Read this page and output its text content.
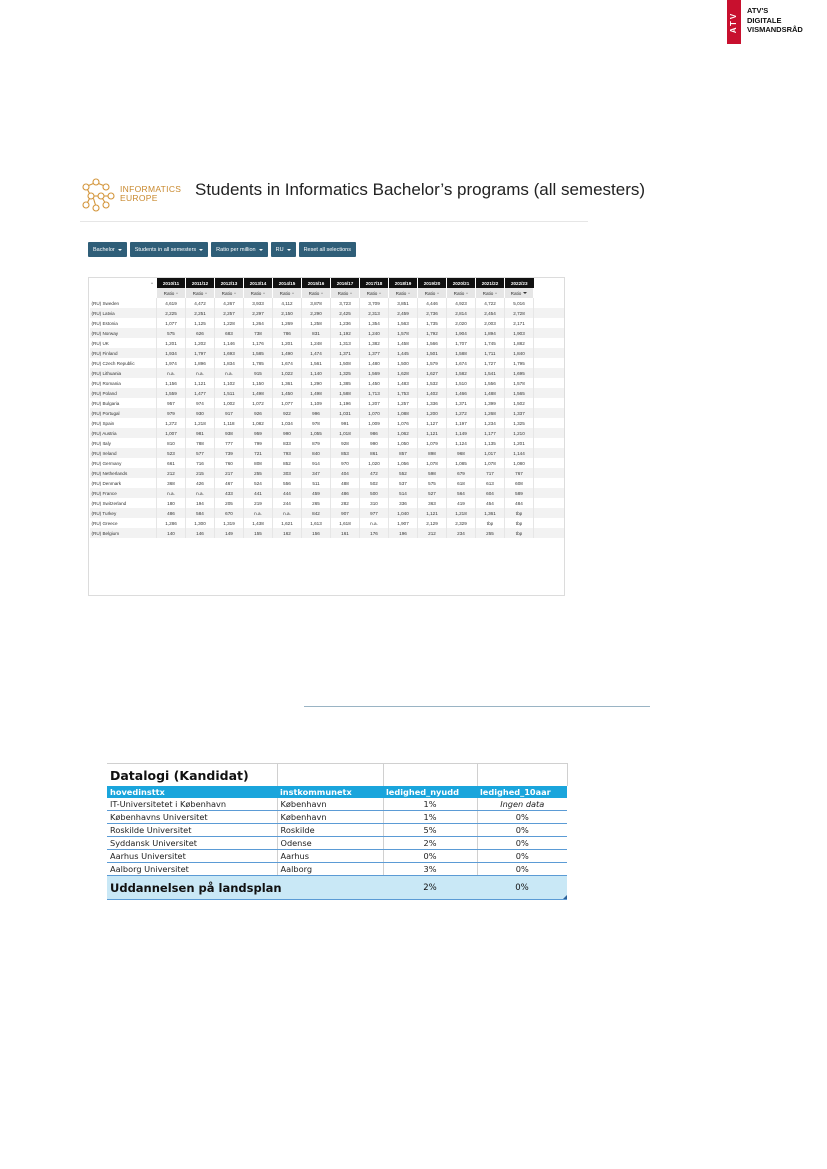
ATV
ATV'S
DIGITALE
VISMANDSRÅD
INFORMATICS
EUROPE	Students in Informatics Bachelor’s programs (all semesters)
Bachelor	Students in all semesters	Ratio per million	RU	Reset all selections
	2010/11	2011/12	2012/13	2013/14	2014/15	2015/16	2016/17	2017/18	2018/19	2019/20	2020/21	2021/22	2022/23	
	Ratio	Ratio	Ratio	Ratio	Ratio	Ratio	Ratio	Ratio	Ratio	Ratio	Ratio	Ratio	Ratio	
(RU) Sweden	4,619	4,472	4,267	3,933	4,112	3,878	3,723	3,709	3,851	4,446	4,923	4,722	5,016	
(RU) Latvia	2,225	2,251	2,257	2,297	2,150	2,290	2,425	2,313	2,459	2,736	2,814	2,454	2,728	
(RU) Estonia	1,077	1,125	1,228	1,264	1,269	1,258	1,236	1,354	1,563	1,735	2,020	2,003	2,171	
(RU) Norway	575	626	683	738	786	831	1,192	1,240	1,578	1,792	1,904	1,894	1,903	
(RU) UK	1,201	1,202	1,146	1,176	1,201	1,248	1,313	1,382	1,458	1,566	1,707	1,745	1,882	
(RU) Finland	1,934	1,797	1,693	1,585	1,490	1,474	1,371	1,377	1,445	1,501	1,588	1,711	1,840	
(RU) Czech Republic	1,974	1,896	1,834	1,785	1,674	1,561	1,508	1,480	1,500	1,579	1,674	1,727	1,795	
(RU) Lithuania	n.a.	n.a.	n.a.	915	1,022	1,140	1,325	1,569	1,628	1,627	1,582	1,541	1,695	
(RU) Romania	1,156	1,121	1,102	1,150	1,361	1,290	1,385	1,450	1,483	1,532	1,510	1,556	1,578	
(RU) Poland	1,559	1,477	1,511	1,498	1,450	1,498	1,588	1,713	1,753	1,402	1,466	1,488	1,565	
(RU) Bulgaria	957	974	1,002	1,072	1,077	1,109	1,196	1,207	1,257	1,336	1,371	1,399	1,502	
(RU) Portugal	979	930	917	926	922	996	1,031	1,070	1,088	1,200	1,272	1,268	1,337	
(RU) Spain	1,272	1,218	1,118	1,082	1,034	978	991	1,009	1,076	1,127	1,197	1,234	1,325	
(RU) Austria	1,007	981	938	959	990	1,055	1,018	986	1,062	1,121	1,149	1,177	1,210	
(RU) Italy	810	788	777	799	833	879	928	990	1,050	1,079	1,124	1,135	1,201	
(RU) Ireland	523	577	739	721	793	840	853	861	857	898	968	1,017	1,144	
(RU) Germany	661	716	760	808	852	914	970	1,020	1,056	1,078	1,085	1,078	1,080	
(RU) Netherlands	212	215	217	255	303	347	404	472	552	598	679	717	767	
(RU) Denmark	368	426	467	524	556	511	488	502	537	575	618	613	608	
(RU) France	n.a.	n.a.	433	441	444	459	486	500	514	527	564	604	589	
(RU) Switzerland	180	194	205	219	244	265	282	310	336	363	419	454	484	
(RU) Turkey	486	584	670	n.a.	n.a.	842	907	977	1,040	1,121	1,218	1,361	tbp	
(RU) Greece	1,286	1,300	1,319	1,438	1,621	1,613	1,618	n.a.	1,907	2,129	2,329	tbp	tbp	
(RU) Belgium	140	146	149	155	162	156	161	176	196	212	234	255	tbp	
Datalogi (Kandidat)			
hovedinsttx	instkommunetx	ledighed_nyudd	ledighed_10aar
IT-Universitetet i København	København	1%	Ingen data
Københavns Universitet	København	1%	0%
Roskilde Universitet	Roskilde	5%	0%
Syddansk Universitet	Odense	2%	0%
Aarhus Universitet	Aarhus	0%	0%
Aalborg Universitet	Aalborg	3%	0%
Uddannelsen på landsplan		2%	0%
